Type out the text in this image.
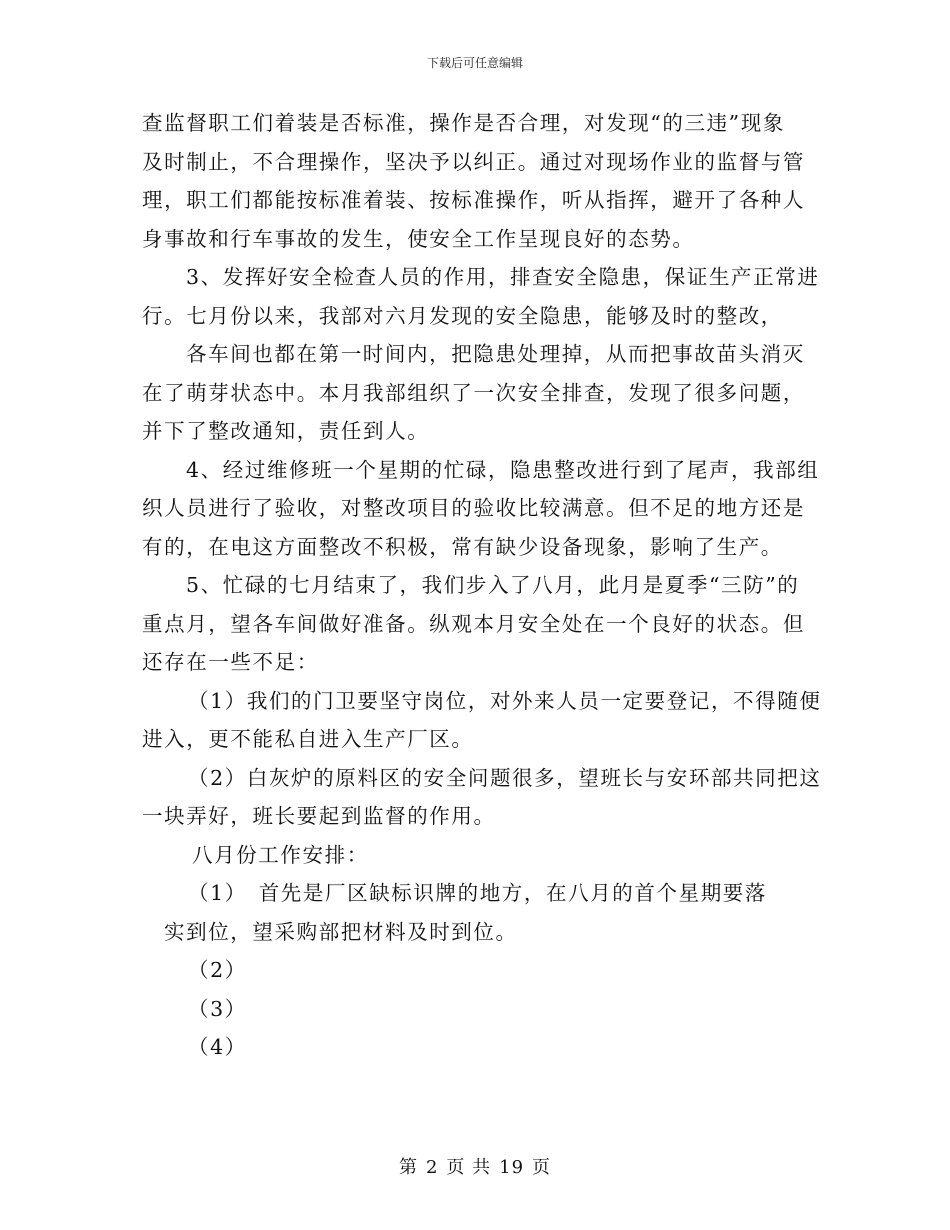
下载后可任意编辑
查监督职工们着装是否标准，操作是否合理，对发现“的三违”现象
及时制止，不合理操作，坚决予以纠正。通过对现场作业的监督与管
理，职工们都能按标准着装、按标准操作，听从指挥，避开了各种人
身事故和行车事故的发生，使安全工作呈现良好的态势。
3、发挥好安全检查人员的作用，排查安全隐患，保证生产正常进
行。七月份以来，我部对六月发现的安全隐患，能够及时的整改，
各车间也都在第一时间内，把隐患处理掉，从而把事故苗头消灭
在了萌芽状态中。本月我部组织了一次安全排查，发现了很多问题，
并下了整改通知，责任到人。
4、经过维修班一个星期的忙碌，隐患整改进行到了尾声，我部组
织人员进行了验收，对整改项目的验收比较满意。但不足的地方还是
有的，在电这方面整改不积极，常有缺少设备现象，影响了生产。
5、忙碌的七月结束了，我们步入了八月，此月是夏季“三防”的
重点月，望各车间做好准备。纵观本月安全处在一个良好的状态。但
还存在一些不足：
（1）我们的门卫要坚守岗位，对外来人员一定要登记，不得随便
进入，更不能私自进入生产厂区。
（2）白灰炉的原料区的安全问题很多，望班长与安环部共同把这
一块弄好，班长要起到监督的作用。
八月份工作安排：
（1）　首先是厂区缺标识牌的地方，在八月的首个星期要落
实到位，望采购部把材料及时到位。
（2）
（3）
（4）
第 2 页 共 19 页
